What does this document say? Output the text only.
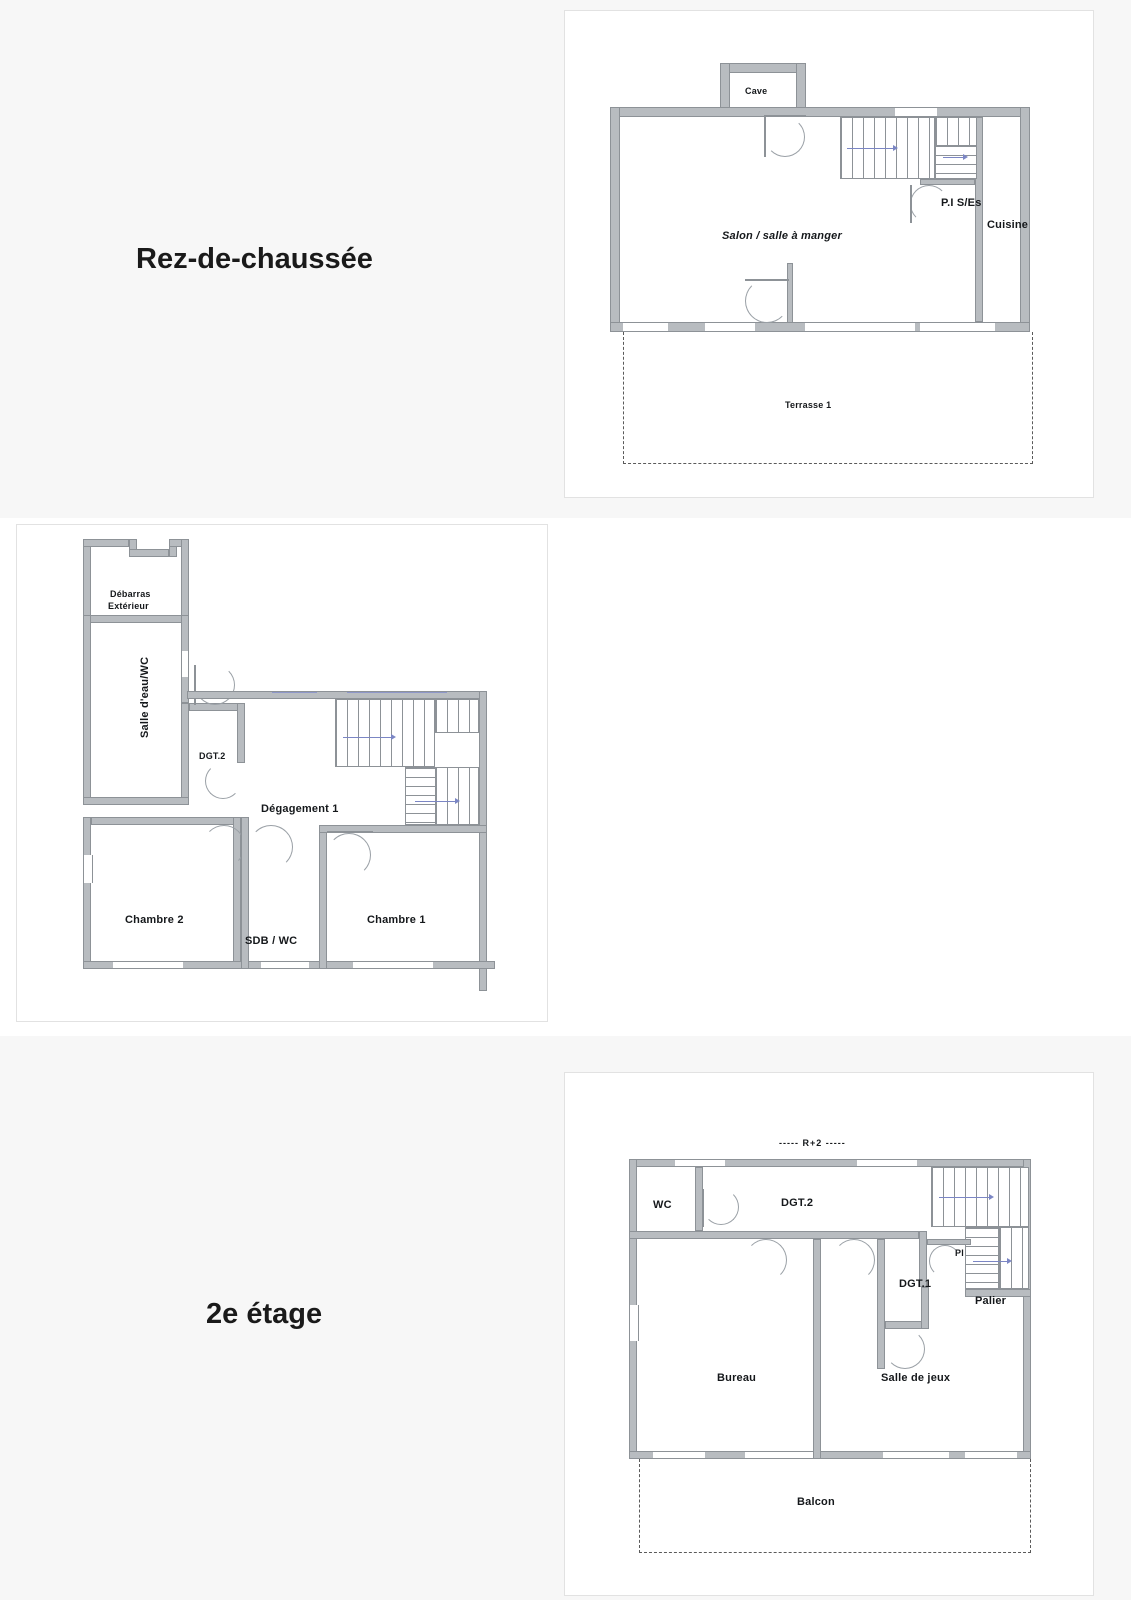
Rez-de-chaussée
Cave
Salon / salle à manger
P.I S/Es
Cuisine
Terrasse 1
Débarras
Extérieur
Salle d'eau/WC
DGT.2
Dégagement 1
Chambre 2
SDB / WC
Chambre 1
2e étage
----- R+2 -----
WC	DGT.2
Pl
DGT.1
Palier
Bureau	Salle de jeux
Balcon
